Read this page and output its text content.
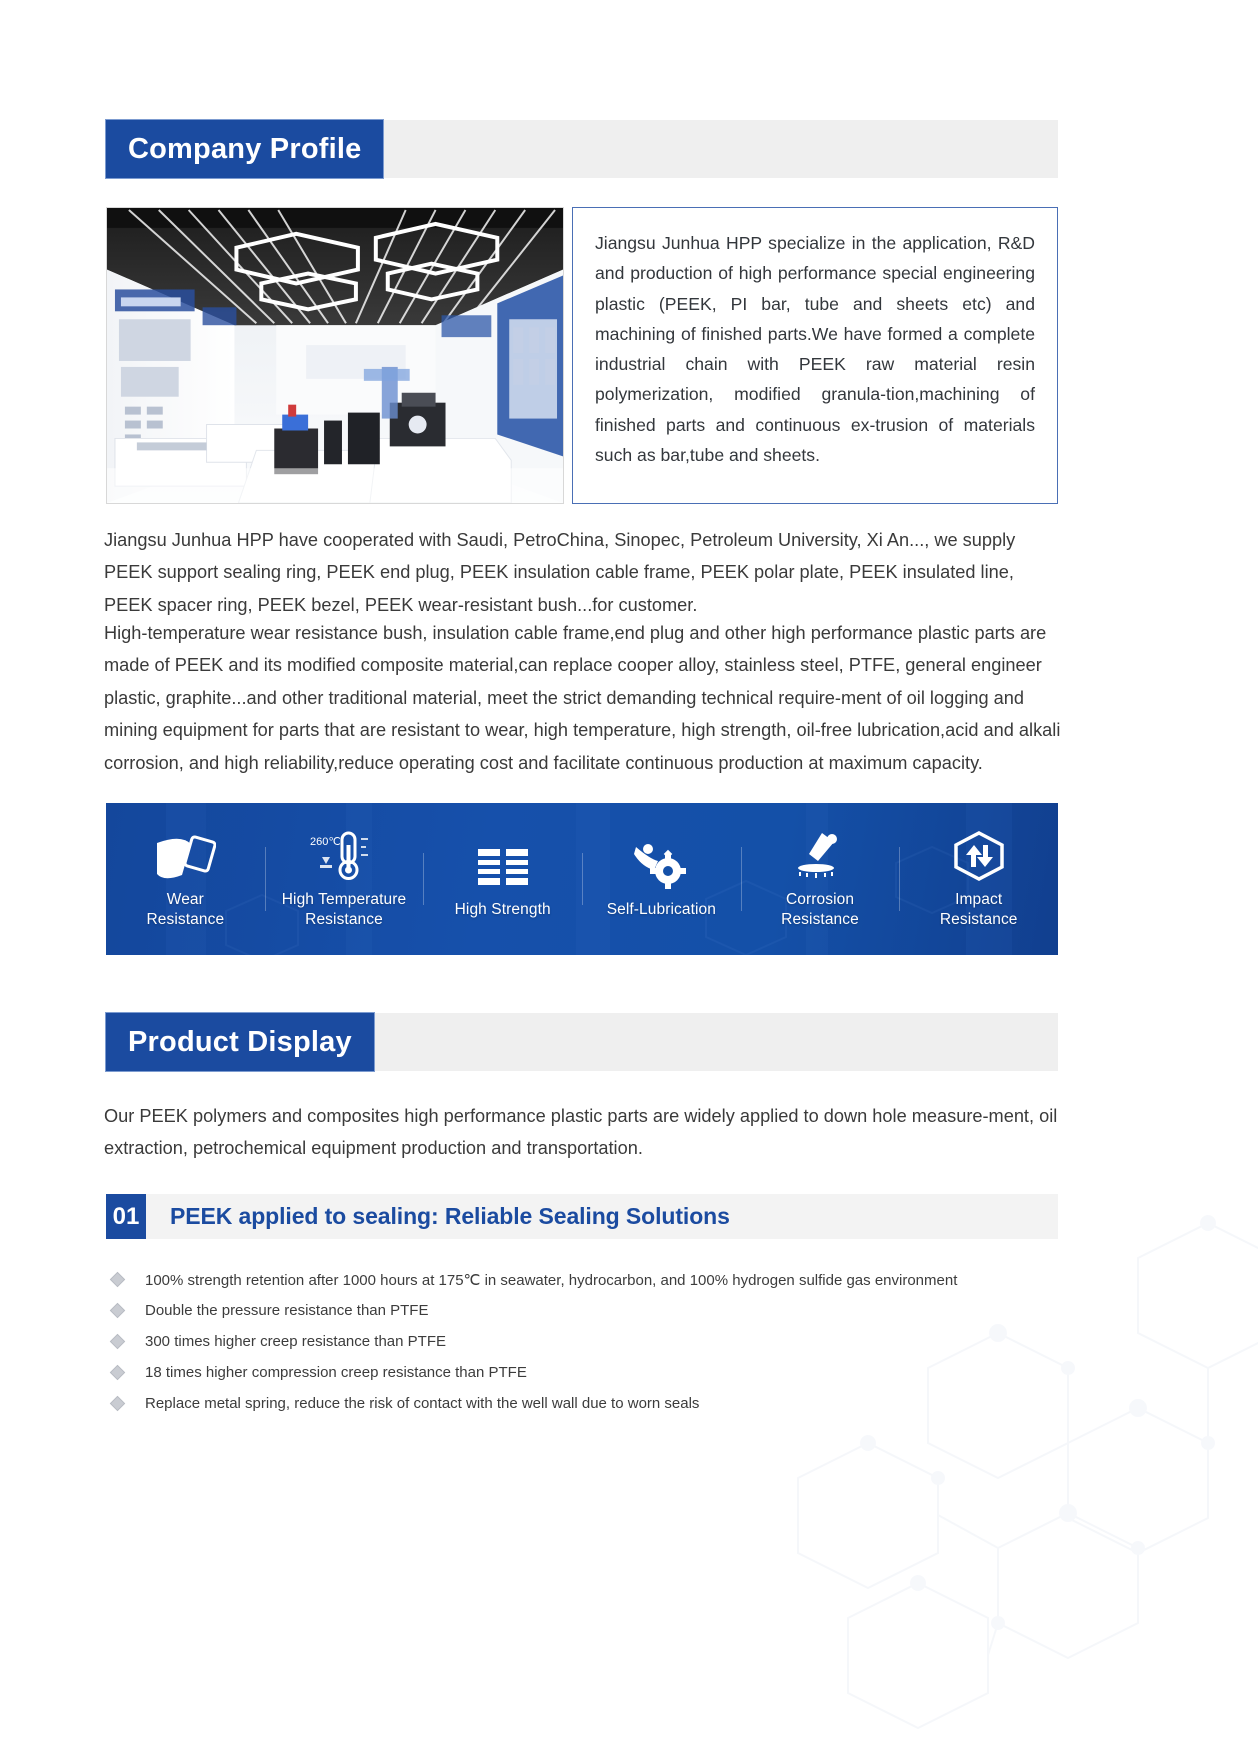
Company Profile

Jiangsu Junhua HPP specialize in the application, R&D and production of high performance special engineering plastic (PEEK, PI bar, tube and sheets etc) and machining of finished parts.We have formed a complete industrial chain with PEEK raw material resin polymerization, modified granula-tion,machining of finished parts and continuous ex-trusion of materials such as bar,tube and sheets.

Jiangsu Junhua HPP have cooperated with Saudi, PetroChina, Sinopec, Petroleum University, Xi An..., we supply PEEK support sealing ring, PEEK end plug, PEEK insulation cable frame, PEEK polar plate, PEEK insulated line, PEEK spacer ring, PEEK bezel, PEEK wear-resistant bush...for customer.
High-temperature wear resistance bush, insulation cable frame,end plug and other high performance plastic parts are made of PEEK and its modified composite material,can replace cooper alloy, stainless steel, PTFE, general engineer plastic, graphite...and other traditional material, meet the strict demanding technical require-ment of oil logging and mining equipment for parts that are resistant to wear, high temperature, high strength, oil-free lubrication,acid and alkali corrosion, and high reliability,reduce operating cost and facilitate continuous production at maximum capacity.
Wear
Resistance
260℃
High Temperature
Resistance
High Strength	Self-Lubrication
Corrosion
Resistance
Impact
Resistance
Product Display
Our PEEK polymers and composites high performance plastic parts are widely applied to down hole measure-ment, oil extraction, petrochemical equipment production and transportation.
01 PEEK applied to sealing: Reliable Sealing Solutions
100% strength retention after 1000 hours at 175℃ in seawater, hydrocarbon, and 100% hydrogen sulfide gas environment
Double the pressure resistance than PTFE
300 times higher creep resistance than PTFE
18 times higher compression creep resistance than PTFE
Replace metal spring, reduce the risk of contact with the well wall due to worn seals
